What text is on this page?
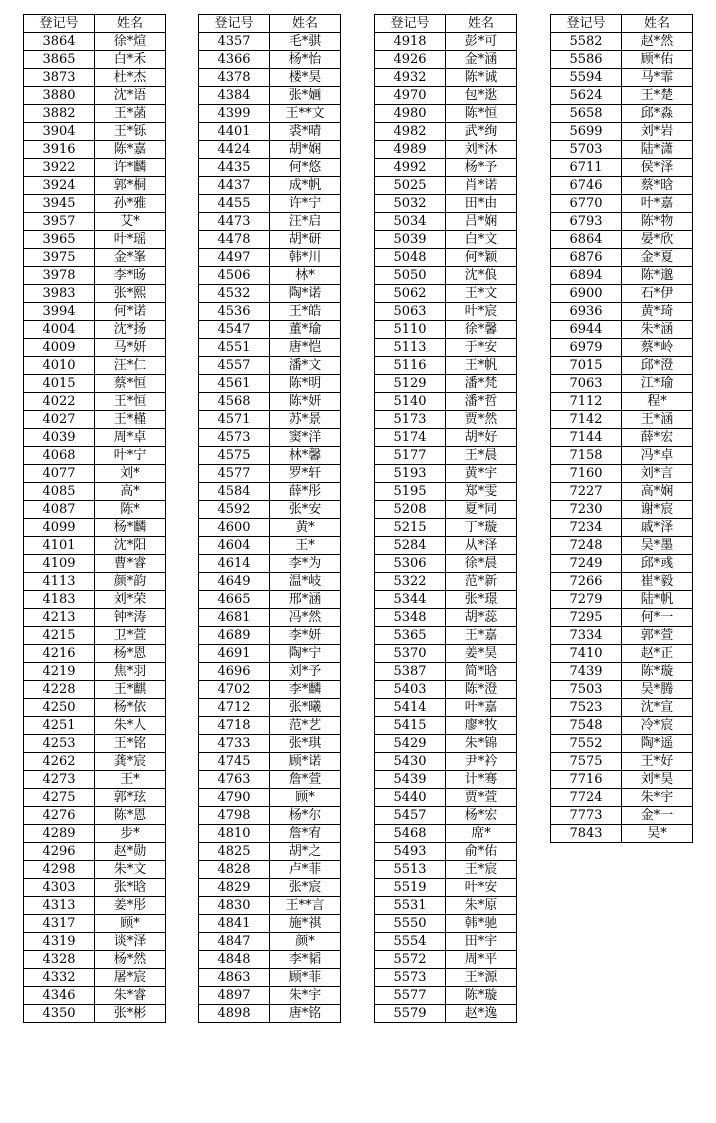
登记号	姓名
3864	徐*煊
3865	白*禾
3873	杜*杰
3880	沈*语
3882	王*菡
3904	王*铄
3916	陈*嘉
3922	许*麟
3924	郭*桐
3945	孙*雅
3957	艾*
3965	叶*瑶
3975	金*峯
3978	李*旸
3983	张*熙
3994	何*诺
4004	沈*扬
4009	马*妍
4010	汪*仁
4015	蔡*恒
4022	王*恒
4027	王*槿
4039	周*卓
4068	叶*宁
4077	刘*
4085	高*
4087	陈*
4099	杨*麟
4101	沈*阳
4109	曹*睿
4113	颜*韵
4183	刘*荣
4213	钟*涛
4215	卫*萱
4216	杨*恩
4219	焦*羽
4228	王*麒
4250	杨*依
4251	朱*人
4253	王*铭
4262	龚*宸
4273	王*
4275	郭*玹
4276	陈*恩
4289	步*
4296	赵*勋
4298	朱*文
4303	张*晗
4313	姜*彤
4317	顾*
4319	谈*泽
4328	杨*然
4332	屠*宸
4346	朱*睿
4350	张*彬
登记号	姓名
4357	毛*骐
4366	杨*怡
4378	楼*昊
4384	张*婳
4399	王**文
4401	裘*晴
4424	胡*娴
4435	何*悠
4437	成*帆
4455	许*宁
4473	汪*启
4478	胡*研
4497	韩*川
4506	林*
4532	陶*诺
4536	王*皓
4547	董*瑜
4551	唐*恺
4557	潘*文
4561	陈*明
4568	陈*妍
4571	苏*景
4573	窦*洋
4575	林*馨
4577	罗*轩
4584	薛*彤
4592	张*安
4600	黄*
4604	王*
4614	李*为
4649	温*岐
4665	邢*涵
4681	冯*然
4689	李*妍
4691	陶*宁
4696	刘*予
4702	李*麟
4712	张*曦
4718	范*艺
4733	张*琪
4745	顾*诺
4763	詹*萱
4790	顾*
4798	杨*尔
4810	詹*宥
4825	胡*之
4828	卢*菲
4829	张*宸
4830	王**言
4841	施*祺
4847	颜*
4848	李*韬
4863	顾*菲
4897	朱*宇
4898	唐*铭
登记号	姓名
4918	彭*可
4926	金*涵
4932	陈*诚
4970	包*逖
4980	陈*恒
4982	武*绚
4989	刘*沐
4992	杨*予
5025	肖*诺
5032	田*由
5034	吕*娴
5039	白*文
5048	何*颖
5050	沈*俍
5062	王*文
5063	叶*宸
5110	徐*馨
5113	于*安
5116	王*帆
5129	潘*梵
5140	潘*哲
5173	贾*然
5174	胡*好
5177	王*晨
5193	黄*宇
5195	郑*雯
5208	夏*同
5215	丁*璇
5284	从*泽
5306	徐*晨
5322	范*新
5344	张*璟
5348	胡*蕊
5365	王*嘉
5370	姜*昊
5387	简*晗
5403	陈*澄
5414	叶*嘉
5415	廖*牧
5429	朱*锦
5430	尹*衿
5439	计*骞
5440	贾*萱
5457	杨*宏
5468	席*
5493	俞*佑
5513	王*宸
5519	叶*安
5531	朱*原
5550	韩*驰
5554	田*宇
5572	周*平
5573	王*源
5577	陈*璇
5579	赵*逸
登记号	姓名
5582	赵*然
5586	顾*佑
5594	马*霏
5624	王*楚
5658	邱*淼
5699	刘*岩
5703	陆*潇
6711	侯*泽
6746	蔡*晗
6770	叶*嘉
6793	陈*物
6864	晏*欣
6876	金*夏
6894	陈*邈
6900	石*伊
6936	黄*琦
6944	朱*涵
6979	蔡*岭
7015	邱*澄
7063	江*瑜
7112	程*
7142	王*涵
7144	薛*宏
7158	冯*卓
7160	刘*言
7227	高*娴
7230	谢*宸
7234	戚*泽
7248	吴*墨
7249	邱*彧
7266	崔*毅
7279	陆*帆
7295	何*一
7334	郭*萱
7410	赵*正
7439	陈*璇
7503	吴*腾
7523	沈*宣
7548	冷*宸
7552	陶*遥
7575	王*好
7716	刘*昊
7724	朱*宇
7773	金*一
7843	吴*
